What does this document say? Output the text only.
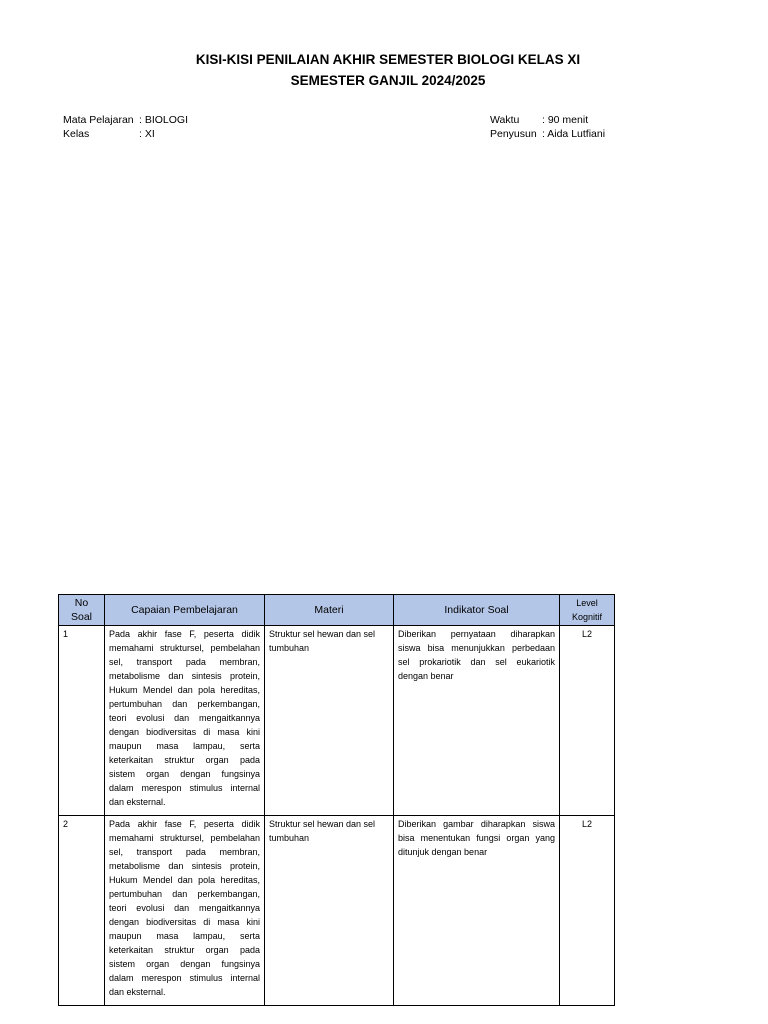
KISI-KISI PENILAIAN AKHIR SEMESTER BIOLOGI KELAS XI
SEMESTER GANJIL 2024/2025
Mata Pelajaran : BIOLOGI
Kelas	: XI
Waktu	: 90 menit
Penyusun : Aida Lutfiani
No Soal	Capaian Pembelajaran	Materi	Indikator Soal	Level Kognitif
1	Pada akhir fase F, peserta didik memahami struktursel, pembelahan sel, transport pada membran, metabolisme dan sintesis protein, Hukum Mendel dan pola hereditas, pertumbuhan dan perkembangan, teori evolusi dan mengaitkannya dengan biodiversitas di masa kini maupun masa lampau, serta keterkaitan struktur organ pada sistem organ dengan fungsinya dalam merespon stimulus internal dan eksternal.	Struktur sel hewan dan sel tumbuhan	Diberikan pernyataan diharapkan siswa bisa menunjukkan perbedaan sel prokariotik dan sel eukariotik dengan benar	L2
2	Pada akhir fase F, peserta didik memahami struktursel, pembelahan sel, transport pada membran, metabolisme dan sintesis protein, Hukum Mendel dan pola hereditas, pertumbuhan dan perkembangan, teori evolusi dan mengaitkannya dengan biodiversitas di masa kini maupun masa lampau, serta keterkaitan struktur organ pada sistem organ dengan fungsinya dalam merespon stimulus internal dan eksternal.	Struktur sel hewan dan sel tumbuhan	Diberikan gambar diharapkan siswa bisa menentukan fungsi organ yang ditunjuk dengan benar	L2
